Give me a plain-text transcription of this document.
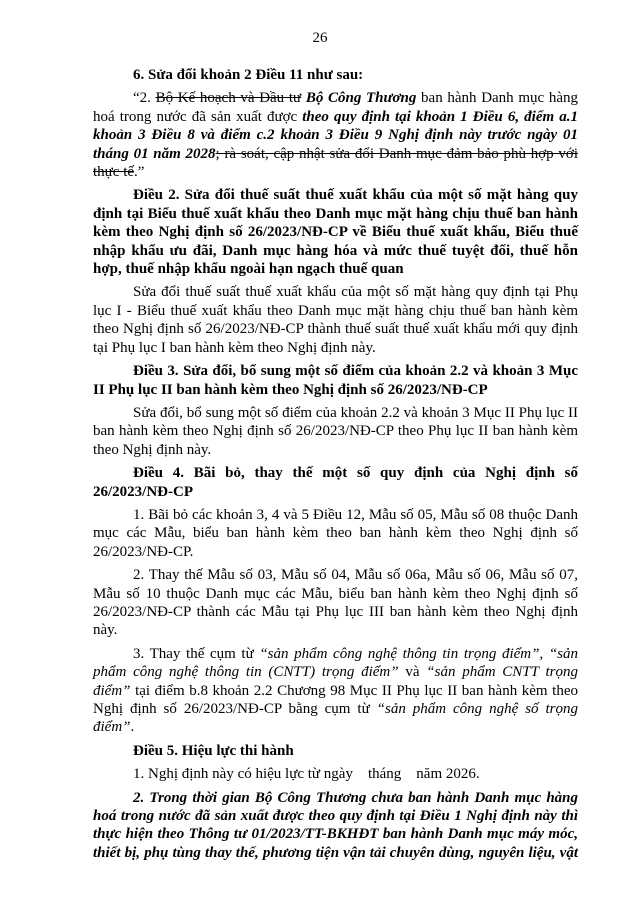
26

6. Sửa đổi khoản 2 Điều 11 như sau:

“2. Bộ Kế hoạch và Đầu tư Bộ Công Thương ban hành Danh mục hàng hoá trong nước đã sản xuất được theo quy định tại khoản 1 Điều 6, điểm a.1 khoản 3 Điều 8 và điểm c.2 khoản 3 Điều 9 Nghị định này trước ngày 01 tháng 01 năm 2028; rà soát, cập nhật sửa đổi Danh mục đảm bảo phù hợp với thực tế.”

Điều 2. Sửa đổi thuế suất thuế xuất khẩu của một số mặt hàng quy định tại Biểu thuế xuất khẩu theo Danh mục mặt hàng chịu thuế ban hành kèm theo Nghị định số 26/2023/NĐ-CP về Biểu thuế xuất khẩu, Biểu thuế nhập khẩu ưu đãi, Danh mục hàng hóa và mức thuế tuyệt đối, thuế hỗn hợp, thuế nhập khẩu ngoài hạn ngạch thuế quan

Sửa đổi thuế suất thuế xuất khẩu của một số mặt hàng quy định tại Phụ lục I - Biểu thuế xuất khẩu theo Danh mục mặt hàng chịu thuế ban hành kèm theo Nghị định số 26/2023/NĐ-CP thành thuế suất thuế xuất khẩu mới quy định tại Phụ lục I ban hành kèm theo Nghị định này.

Điều 3. Sửa đổi, bổ sung một số điểm của khoản 2.2 và khoản 3 Mục II Phụ lục II ban hành kèm theo Nghị định số 26/2023/NĐ-CP

Sửa đổi, bổ sung một số điểm của khoản 2.2 và khoản 3 Mục II Phụ lục II ban hành kèm theo Nghị định số 26/2023/NĐ-CP theo Phụ lục II ban hành kèm theo Nghị định này.

Điều 4. Bãi bỏ, thay thế một số quy định của Nghị định số 26/2023/NĐ-CP

1. Bãi bỏ các khoản 3, 4 và 5 Điều 12, Mẫu số 05, Mẫu số 08 thuộc Danh mục các Mẫu, biểu ban hành kèm theo ban hành kèm theo Nghị định số 26/2023/NĐ-CP.

2. Thay thế Mẫu số 03, Mẫu số 04, Mẫu số 06a, Mẫu số 06, Mẫu số 07, Mẫu số 10 thuộc Danh mục các Mẫu, biểu ban hành kèm theo Nghị định số 26/2023/NĐ-CP thành các Mẫu tại Phụ lục III ban hành kèm theo Nghị định này.

3. Thay thế cụm từ “sản phẩm công nghệ thông tin trọng điểm”, “sản phẩm công nghệ thông tin (CNTT) trọng điểm” và “sản phẩm CNTT trọng điểm” tại điểm b.8 khoản 2.2 Chương 98 Mục II Phụ lục II ban hành kèm theo Nghị định số 26/2023/NĐ-CP bằng cụm từ “sản phẩm công nghệ số trọng điểm”.

Điều 5. Hiệu lực thi hành

1. Nghị định này có hiệu lực từ ngày    tháng    năm 2026.

2. Trong thời gian Bộ Công Thương chưa ban hành Danh mục hàng hoá trong nước đã sản xuất được theo quy định tại Điều 1 Nghị định này thì thực hiện theo Thông tư 01/2023/TT-BKHĐT ban hành Danh mục máy móc, thiết bị, phụ tùng thay thế, phương tiện vận tải chuyên dùng, nguyên liệu, vật
